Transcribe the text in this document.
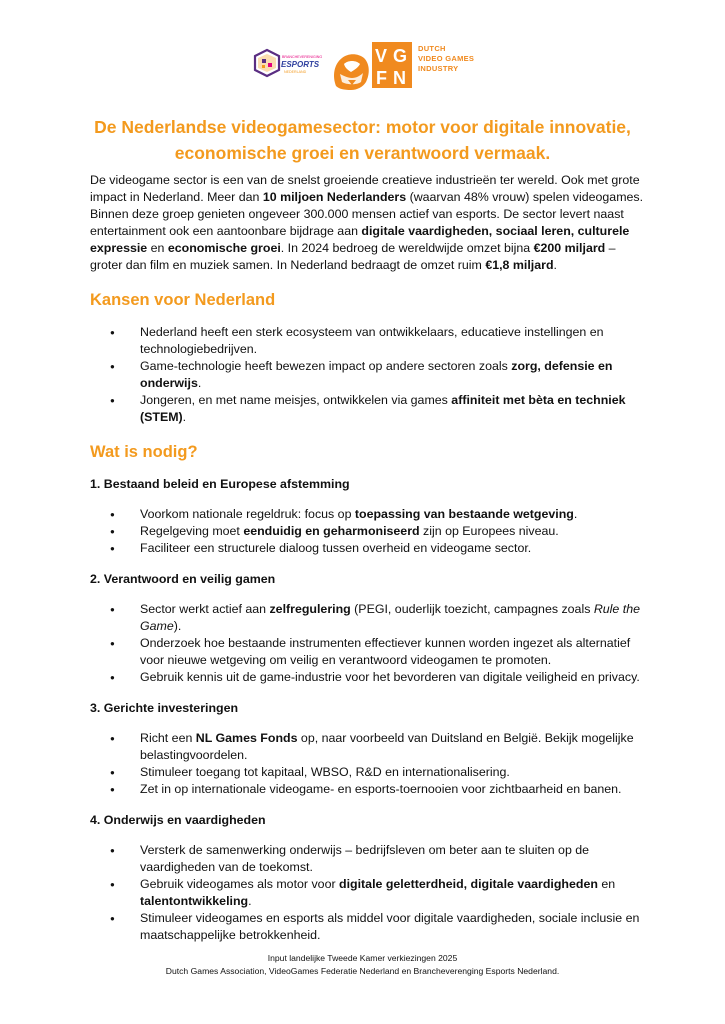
BRANCHEVERENIGING
ESPORTS
NEDERLAND
V G
F N
DUTCH
VIDEO GAMES
INDUSTRY
De Nederlandse videogamesector: motor voor digitale innovatie,
economische groei en verantwoord vermaak.

De videogame sector is een van de snelst groeiende creatieve industrieën ter wereld. Ook met grote impact in Nederland. Meer dan 10 miljoen Nederlanders (waarvan 48% vrouw) spelen videogames. Binnen deze groep genieten ongeveer 300.000 mensen actief van esports. De sector levert naast entertainment ook een aantoonbare bijdrage aan digitale vaardigheden, sociaal leren, culturele expressie en economische groei. In 2024 bedroeg de wereldwijde omzet bijna €200 miljard – groter dan film en muziek samen. In Nederland bedraagt de omzet ruim €1,8 miljard.

Kansen voor Nederland
● Nederland heeft een sterk ecosysteem van ontwikkelaars, educatieve instellingen en technologiebedrijven.
● Game-technologie heeft bewezen impact op andere sectoren zoals zorg, defensie en onderwijs.
● Jongeren, en met name meisjes, ontwikkelen via games affiniteit met bèta en techniek (STEM).
Wat is nodig?
1. Bestaand beleid en Europese afstemming
● Voorkom nationale regeldruk: focus op toepassing van bestaande wetgeving.
● Regelgeving moet eenduidig en geharmoniseerd zijn op Europees niveau.
● Faciliteer een structurele dialoog tussen overheid en videogame sector.
2. Verantwoord en veilig gamen
● Sector werkt actief aan zelfregulering (PEGI, ouderlijk toezicht, campagnes zoals Rule the Game).
● Onderzoek hoe bestaande instrumenten effectiever kunnen worden ingezet als alternatief voor nieuwe wetgeving om veilig en verantwoord videogamen te promoten.
● Gebruik kennis uit de game-industrie voor het bevorderen van digitale veiligheid en privacy.
3. Gerichte investeringen
● Richt een NL Games Fonds op, naar voorbeeld van Duitsland en België. Bekijk mogelijke belastingvoordelen.
● Stimuleer toegang tot kapitaal, WBSO, R&D en internationalisering.
● Zet in op internationale videogame- en esports-toernooien voor zichtbaarheid en banen.
4. Onderwijs en vaardigheden
● Versterk de samenwerking onderwijs – bedrijfsleven om beter aan te sluiten op de vaardigheden van de toekomst.
● Gebruik videogames als motor voor digitale geletterdheid, digitale vaardigheden en talentontwikkeling.
● Stimuleer videogames en esports als middel voor digitale vaardigheden, sociale inclusie en maatschappelijke betrokkenheid.
Input landelijke Tweede Kamer verkiezingen 2025
Dutch Games Association, VideoGames Federatie Nederland en Brancheverenging Esports Nederland.
